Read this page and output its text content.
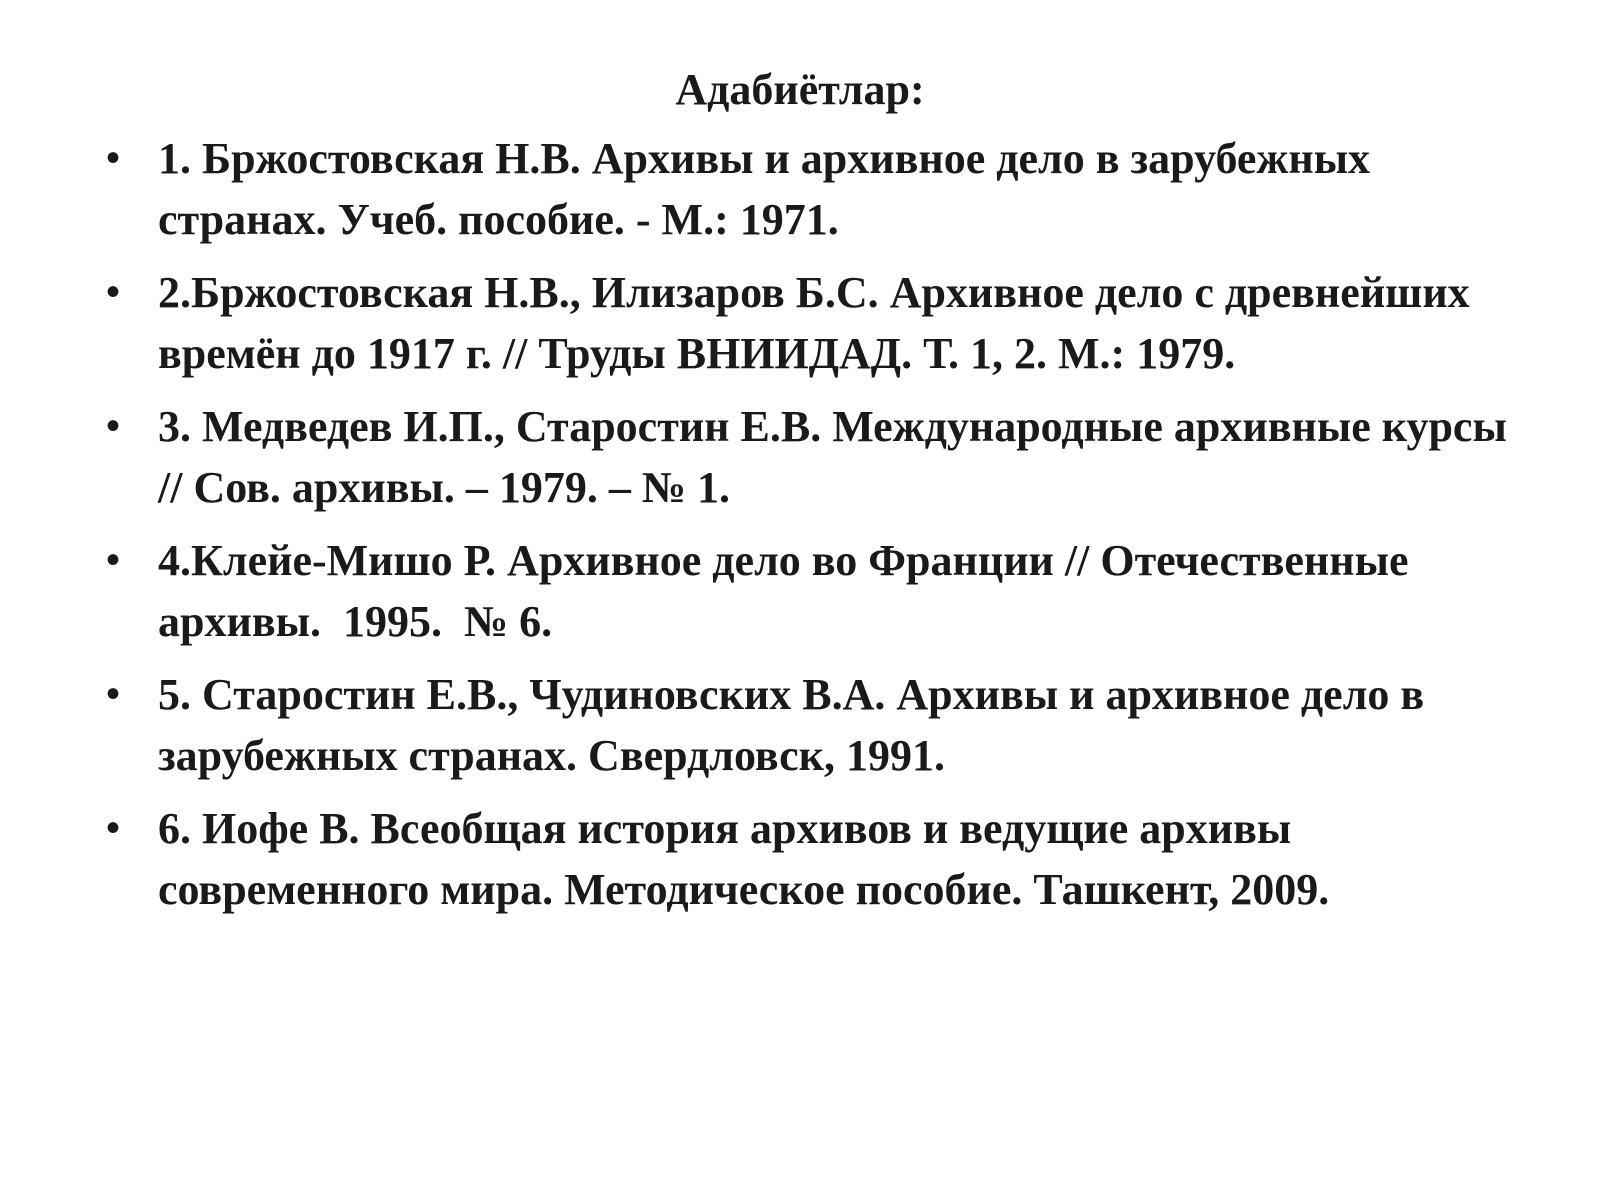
Адабиётлар:
• 1. Бржостовская Н.В. Архивы и архивное дело в зарубежных странах. Учеб. пособие. - М.: 1971.
• 2.Бржостовская Н.В., Илизаров Б.С. Архивное дело с древнейших времён до 1917 г. // Труды ВНИИДАД. Т. 1, 2. М.: 1979.
• 3. Медведев И.П., Старостин Е.В. Международные архивные курсы // Сов. архивы. – 1979. – № 1.
• 4.Клейе-Мишо Р. Архивное дело во Франции // Отечественные  архивы.  1995.  № 6.
• 5. Старостин Е.В., Чудиновских В.А. Архивы и архивное дело в зарубежных странах. Свердловск, 1991.
• 6. Иофе В. Всеобщая история архивов и ведущие архивы современного мира. Методическое пособие. Ташкент, 2009.
